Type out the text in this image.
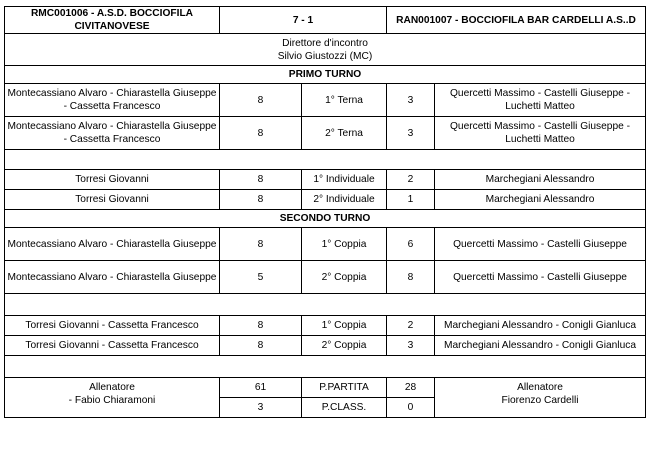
RMC001006 - A.S.D. BOCCIOFILA CIVITANOVESE	7 - 1		RAN001007 - BOCCIOFILA BAR CARDELLI A.S..D	

Direttore d'incontro
Silvio Giustozzi (MC)				

PRIMO TURNO				
Montecassiano Alvaro - Chiarastella Giuseppe - Cassetta Francesco	8	1° Terna	3	Quercetti Massimo - Castelli Giuseppe - Luchetti Matteo
Montecassiano Alvaro - Chiarastella Giuseppe - Cassetta Francesco	8	2° Terna	3	Quercetti Massimo - Castelli Giuseppe - Luchetti Matteo

Torresi Giovanni	8	1° Individuale	2	Marchegiani Alessandro
Torresi Giovanni	8	2° Individuale	1	Marchegiani Alessandro
SECONDO TURNO				
Montecassiano Alvaro - Chiarastella Giuseppe	8	1° Coppia	6	Quercetti Massimo - Castelli Giuseppe
Montecassiano Alvaro - Chiarastella Giuseppe	5	2° Coppia	8	Quercetti Massimo - Castelli Giuseppe

Torresi Giovanni - Cassetta Francesco	8	1° Coppia	2	Marchegiani Alessandro - Conigli Gianluca
Torresi Giovanni - Cassetta Francesco	8	2° Coppia	3	Marchegiani Alessandro - Conigli Gianluca

Allenatore
- Fabio Chiaramoni	61	P.PARTITA	28	Allenatore
Fiorenzo Cardelli

	3	P.CLASS.	0	
